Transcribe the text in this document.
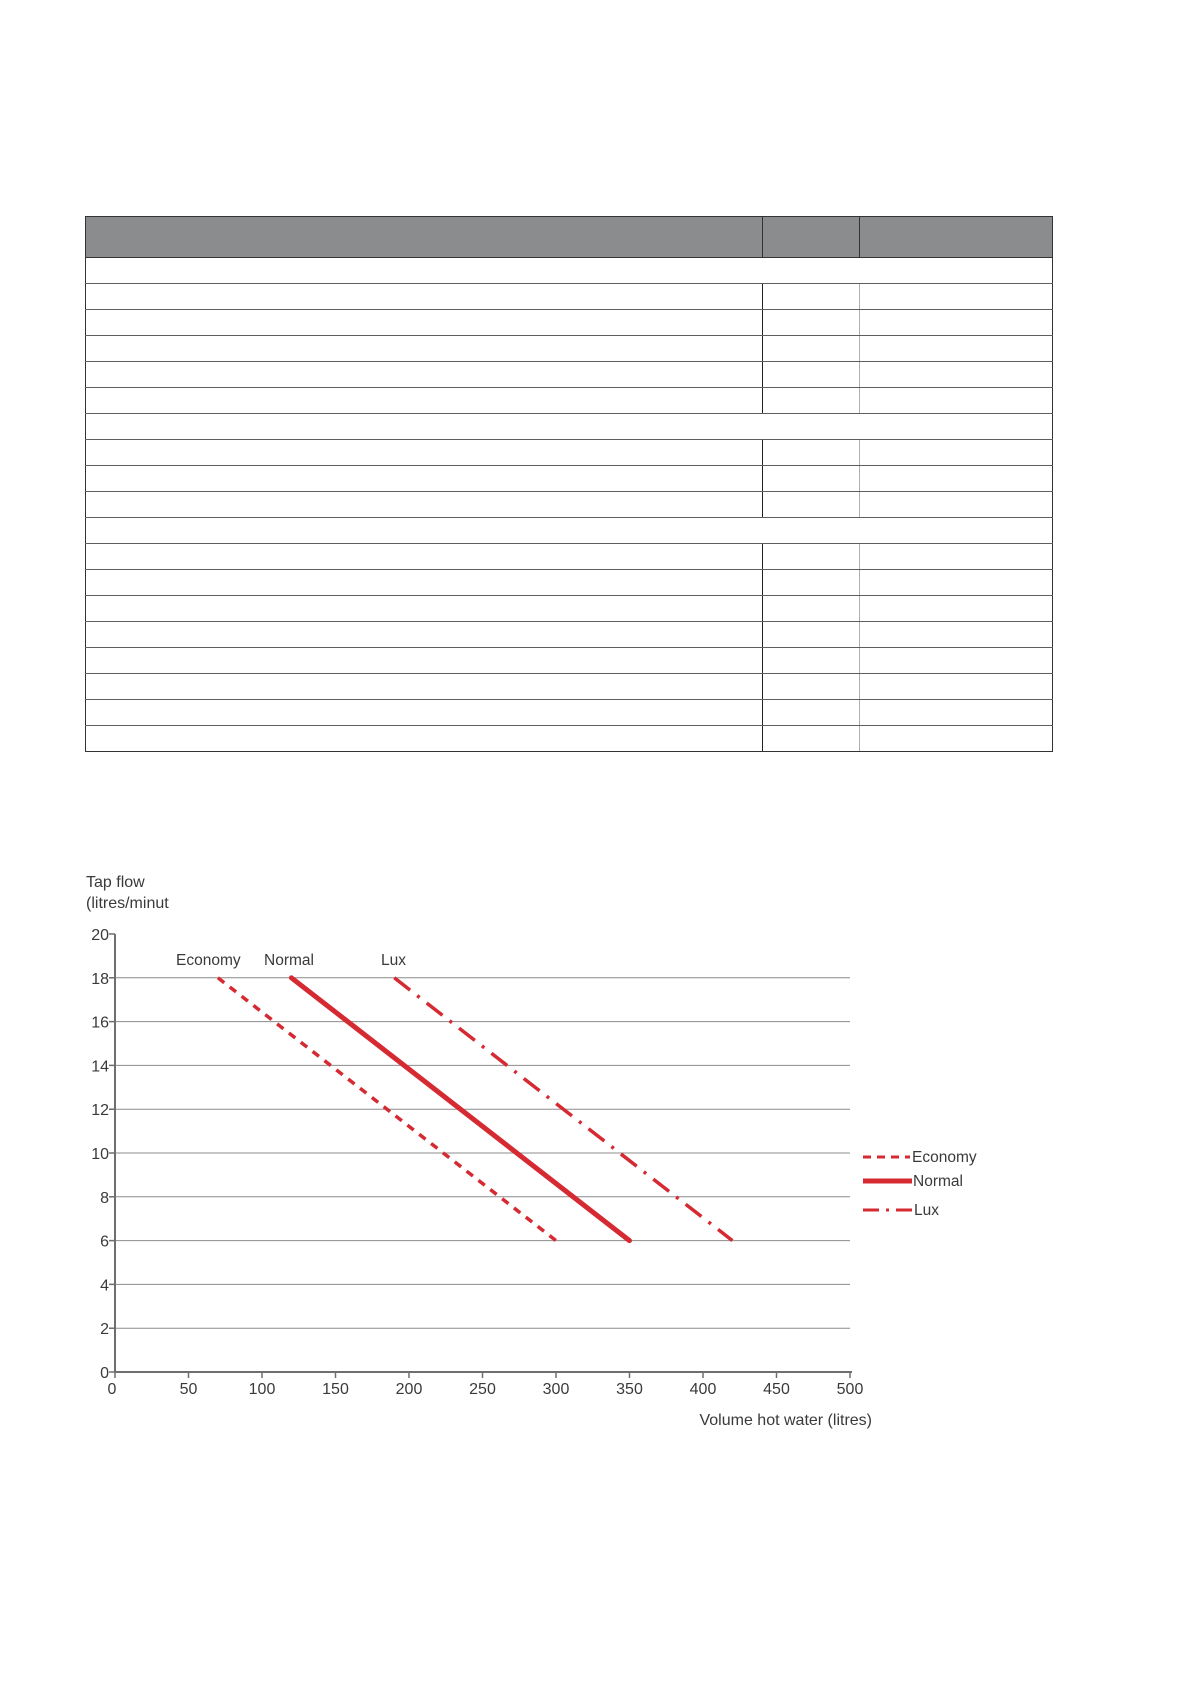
0	50	100	150	200	250	300	350	400	450	500
0
2
4
6
8
10
12
14
16
18
20
Tap flow
(litres/minut
Volume hot water (litres)
Economy Normal	Lux
Economy
Normal
Lux
